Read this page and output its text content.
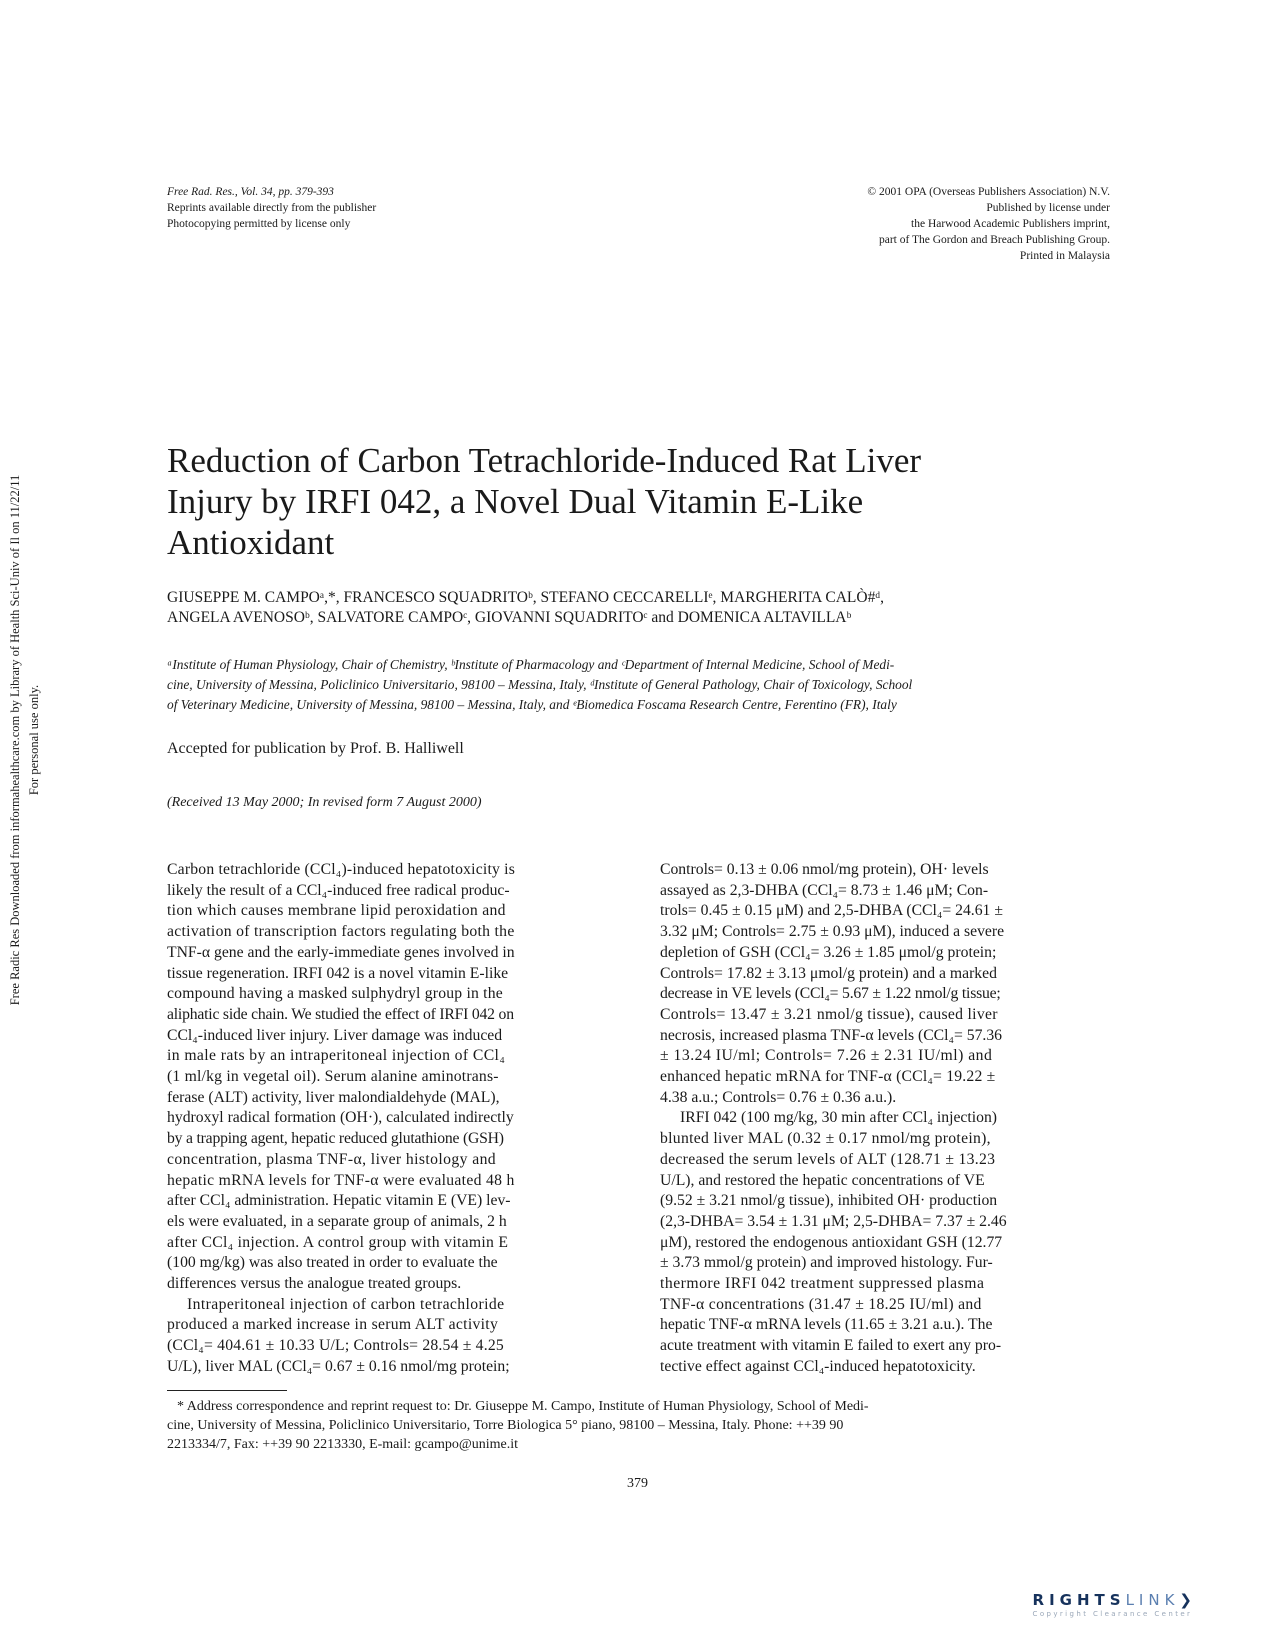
Free Rad. Res., Vol. 34, pp. 379-393
Reprints available directly from the publisher
Photocopying permitted by license only
© 2001 OPA (Overseas Publishers Association) N.V.
Published by license under
the Harwood Academic Publishers imprint,
part of The Gordon and Breach Publishing Group.
Printed in Malaysia
Free Radic Res Downloaded from informahealthcare.com by Library of Health Sci-Univ of Il on 11/22/11 For personal use only.
Reduction of Carbon Tetrachloride-Induced Rat Liver
Injury by IRFI 042, a Novel Dual Vitamin E-Like
Antioxidant
GIUSEPPE M. CAMPOᵃ,*, FRANCESCO SQUADRITOᵇ, STEFANO CECCARELLIᵉ, MARGHERITA CALÒ#ᵈ,
ANGELA AVENOSOᵇ, SALVATORE CAMPOᶜ, GIOVANNI SQUADRITOᶜ and DOMENICA ALTAVILLAᵇ
ᵃInstitute of Human Physiology, Chair of Chemistry, ᵇInstitute of Pharmacology and ᶜDepartment of Internal Medicine, School of Medi-
cine, University of Messina, Policlinico Universitario, 98100 – Messina, Italy, ᵈInstitute of General Pathology, Chair of Toxicology, School
of Veterinary Medicine, University of Messina, 98100 – Messina, Italy, and ᵉBiomedica Foscama Research Centre, Ferentino (FR), Italy
Accepted for publication by Prof. B. Halliwell
(Received 13 May 2000; In revised form 7 August 2000)
Carbon tetrachloride (CCl₄)-induced hepatotoxicity is
likely the result of a CCl₄-induced free radical produc-
tion which causes membrane lipid peroxidation and
activation of transcription factors regulating both the
TNF-α gene and the early-immediate genes involved in
tissue regeneration. IRFI 042 is a novel vitamin E-like
compound having a masked sulphydryl group in the
aliphatic side chain. We studied the effect of IRFI 042 on
CCl₄-induced liver injury. Liver damage was induced
in male rats by an intraperitoneal injection of CCl₄
(1 ml/kg in vegetal oil). Serum alanine aminotrans-
ferase (ALT) activity, liver malondialdehyde (MAL),
hydroxyl radical formation (OH·), calculated indirectly
by a trapping agent, hepatic reduced glutathione (GSH)
concentration, plasma TNF-α, liver histology and
hepatic mRNA levels for TNF-α were evaluated 48 h
after CCl₄ administration. Hepatic vitamin E (VE) lev-
els were evaluated, in a separate group of animals, 2 h
after CCl₄ injection. A control group with vitamin E
(100 mg/kg) was also treated in order to evaluate the
differences versus the analogue treated groups.
Intraperitoneal injection of carbon tetrachloride
produced a marked increase in serum ALT activity
(CCl₄= 404.61 ± 10.33 U/L; Controls= 28.54 ± 4.25
U/L), liver MAL (CCl₄= 0.67 ± 0.16 nmol/mg protein;
Controls= 0.13 ± 0.06 nmol/mg protein), OH· levels
assayed as 2,3-DHBA (CCl₄= 8.73 ± 1.46 μM; Con-
trols= 0.45 ± 0.15 μM) and 2,5-DHBA (CCl₄= 24.61 ±
3.32 μM; Controls= 2.75 ± 0.93 μM), induced a severe
depletion of GSH (CCl₄= 3.26 ± 1.85 μmol/g protein;
Controls= 17.82 ± 3.13 μmol/g protein) and a marked
decrease in VE levels (CCl₄= 5.67 ± 1.22 nmol/g tissue;
Controls= 13.47 ± 3.21 nmol/g tissue), caused liver
necrosis, increased plasma TNF-α levels (CCl₄= 57.36
± 13.24 IU/ml; Controls= 7.26 ± 2.31 IU/ml) and
enhanced hepatic mRNA for TNF-α (CCl₄= 19.22 ±
4.38 a.u.; Controls= 0.76 ± 0.36 a.u.).
IRFI 042 (100 mg/kg, 30 min after CCl₄ injection)
blunted liver MAL (0.32 ± 0.17 nmol/mg protein),
decreased the serum levels of ALT (128.71 ± 13.23
U/L), and restored the hepatic concentrations of VE
(9.52 ± 3.21 nmol/g tissue), inhibited OH· production
(2,3-DHBA= 3.54 ± 1.31 μM; 2,5-DHBA= 7.37 ± 2.46
μM), restored the endogenous antioxidant GSH (12.77
± 3.73 mmol/g protein) and improved histology. Fur-
thermore IRFI 042 treatment suppressed plasma
TNF-α concentrations (31.47 ± 18.25 IU/ml) and
hepatic TNF-α mRNA levels (11.65 ± 3.21 a.u.). The
acute treatment with vitamin E failed to exert any pro-
tective effect against CCl₄-induced hepatotoxicity.
* Address correspondence and reprint request to: Dr. Giuseppe M. Campo, Institute of Human Physiology, School of Medi-
cine, University of Messina, Policlinico Universitario, Torre Biologica 5° piano, 98100 – Messina, Italy. Phone: ++39 90
2213334/7, Fax: ++39 90 2213330, E-mail: gcampo@unime.it
379
RIGHTSLINK❯
Copyright Clearance Center
